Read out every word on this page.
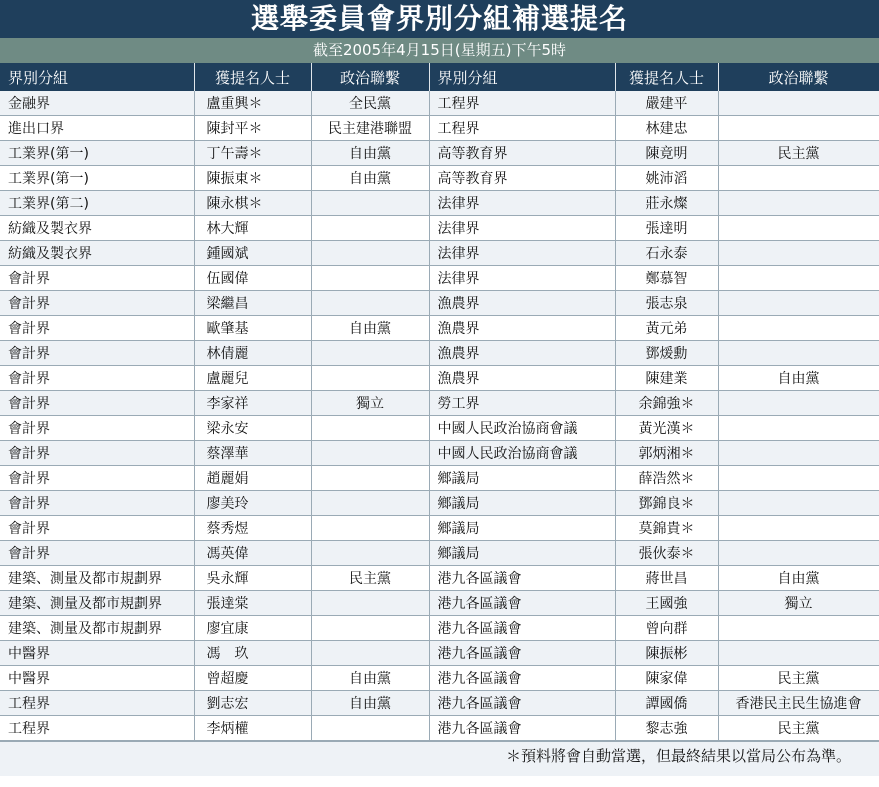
選舉委員會界別分組補選提名
截至2005年4月15日(星期五)下午5時
界別分組	獲提名人士	政治聯繫	界別分組	獲提名人士	政治聯繫
金融界	盧重興＊	全民黨	工程界	嚴建平	
進出口界	陳封平＊	民主建港聯盟	工程界	林建忠	
工業界(第一)	丁午壽＊	自由黨	高等教育界	陳竟明	民主黨
工業界(第一)	陳振東＊	自由黨	高等教育界	姚沛滔	
工業界(第二)	陳永棋＊		法律界	莊永燦	
紡織及製衣界	林大輝		法律界	張達明	
紡織及製衣界	鍾國斌		法律界	石永泰	
會計界	伍國偉		法律界	鄭慕智	
會計界	梁繼昌		漁農界	張志泉	
會計界	歐肇基	自由黨	漁農界	黃元弟	
會計界	林倩麗		漁農界	鄧煖勳	
會計界	盧麗兒		漁農界	陳建業	自由黨
會計界	李家祥	獨立	勞工界	余錦強＊	
會計界	梁永安		中國人民政治協商會議	黃光漢＊	
會計界	蔡澤華		中國人民政治協商會議	郭炳湘＊	
會計界	趙麗娟		鄉議局	薛浩然＊	
會計界	廖美玲		鄉議局	鄧錦良＊	
會計界	蔡秀煜		鄉議局	莫錦貴＊	
會計界	馮英偉		鄉議局	張伙泰＊	
建築、測量及都市規劃界	吳永輝	民主黨	港九各區議會	蔣世昌	自由黨
建築、測量及都市規劃界	張達棠		港九各區議會	王國強	獨立
建築、測量及都市規劃界	廖宜康		港九各區議會	曾向群	
中醫界	馮　玖		港九各區議會	陳振彬	
中醫界	曾超慶	自由黨	港九各區議會	陳家偉	民主黨
工程界	劉志宏	自由黨	港九各區議會	譚國僑	香港民主民生協進會
工程界	李炳權		港九各區議會	黎志強	民主黨
＊預料將會自動當選，但最終結果以當局公布為準。
